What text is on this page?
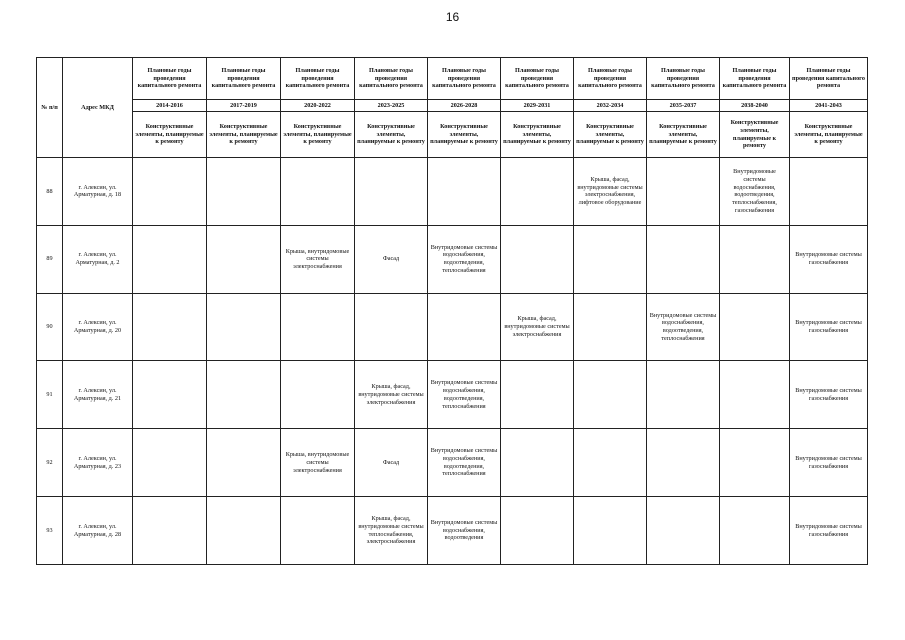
16
№ п/п	Адрес МКД	Плановые годы проведения капитального ремонта	Плановые годы проведения капитального ремонта	Плановые годы проведения капитального ремонта	Плановые годы проведения капитального ремонта	Плановые годы проведения капитального ремонта	Плановые годы проведения капитального ремонта	Плановые годы проведения капитального ремонта	Плановые годы проведения капитального ремонта	Плановые годы проведения капитального ремонта	Плановые годы проведения капитального ремонта
		2014-2016	2017-2019	2020-2022	2023-2025	2026-2028	2029-2031	2032-2034	2035-2037	2038-2040	2041-2043
		Конструктивные элементы, планируемые к ремонту	Конструктивные элементы, планируемые к ремонту	Конструктивные элементы, планируемые к ремонту	Конструктивные элементы, планируемые к ремонту	Конструктивные элементы, планируемые к ремонту	Конструктивные элементы, планируемые к ремонту	Конструктивные элементы, планируемые к ремонту	Конструктивные элементы, планируемые к ремонту	Конструктивные элементы, планируемые к ремонту	Конструктивные элементы, планируемые к ремонту
88	г. Алексин, ул. Арматурная, д. 18							Крыша, фасад, внутридомовые системы электроснабжения, лифтовое оборудование		Внутридомовые системы водоснабжения, водоотведения, теплоснабжения, газоснабжения	
89	г. Алексин, ул. Арматурная, д. 2			Крыша, внутридомовые системы электроснабжения	Фасад	Внутридомовые системы водоснабжения, водоотведения, теплоснабжения					Внутридомовые системы газоснабжения
90	г. Алексин, ул. Арматурная, д. 20						Крыша, фасад, внутридомовые системы электроснабжения		Внутридомовые системы водоснабжения, водоотведения, теплоснабжения		Внутридомовые системы газоснабжения
91	г. Алексин, ул. Арматурная, д. 21				Крыша, фасад, внутридомовые системы электроснабжения	Внутридомовые системы водоснабжения, водоотведения, теплоснабжения					Внутридомовые системы газоснабжения
92	г. Алексин, ул. Арматурная, д. 23			Крыша, внутридомовые системы электроснабжения	Фасад	Внутридомовые системы водоснабжения, водоотведения, теплоснабжения					Внутридомовые системы газоснабжения
93	г. Алексин, ул. Арматурная, д. 28				Крыша, фасад, внутридомовые системы теплоснабжения, электроснабжения	Внутридомовые системы водоснабжения, водоотведения					Внутридомовые системы газоснабжения
